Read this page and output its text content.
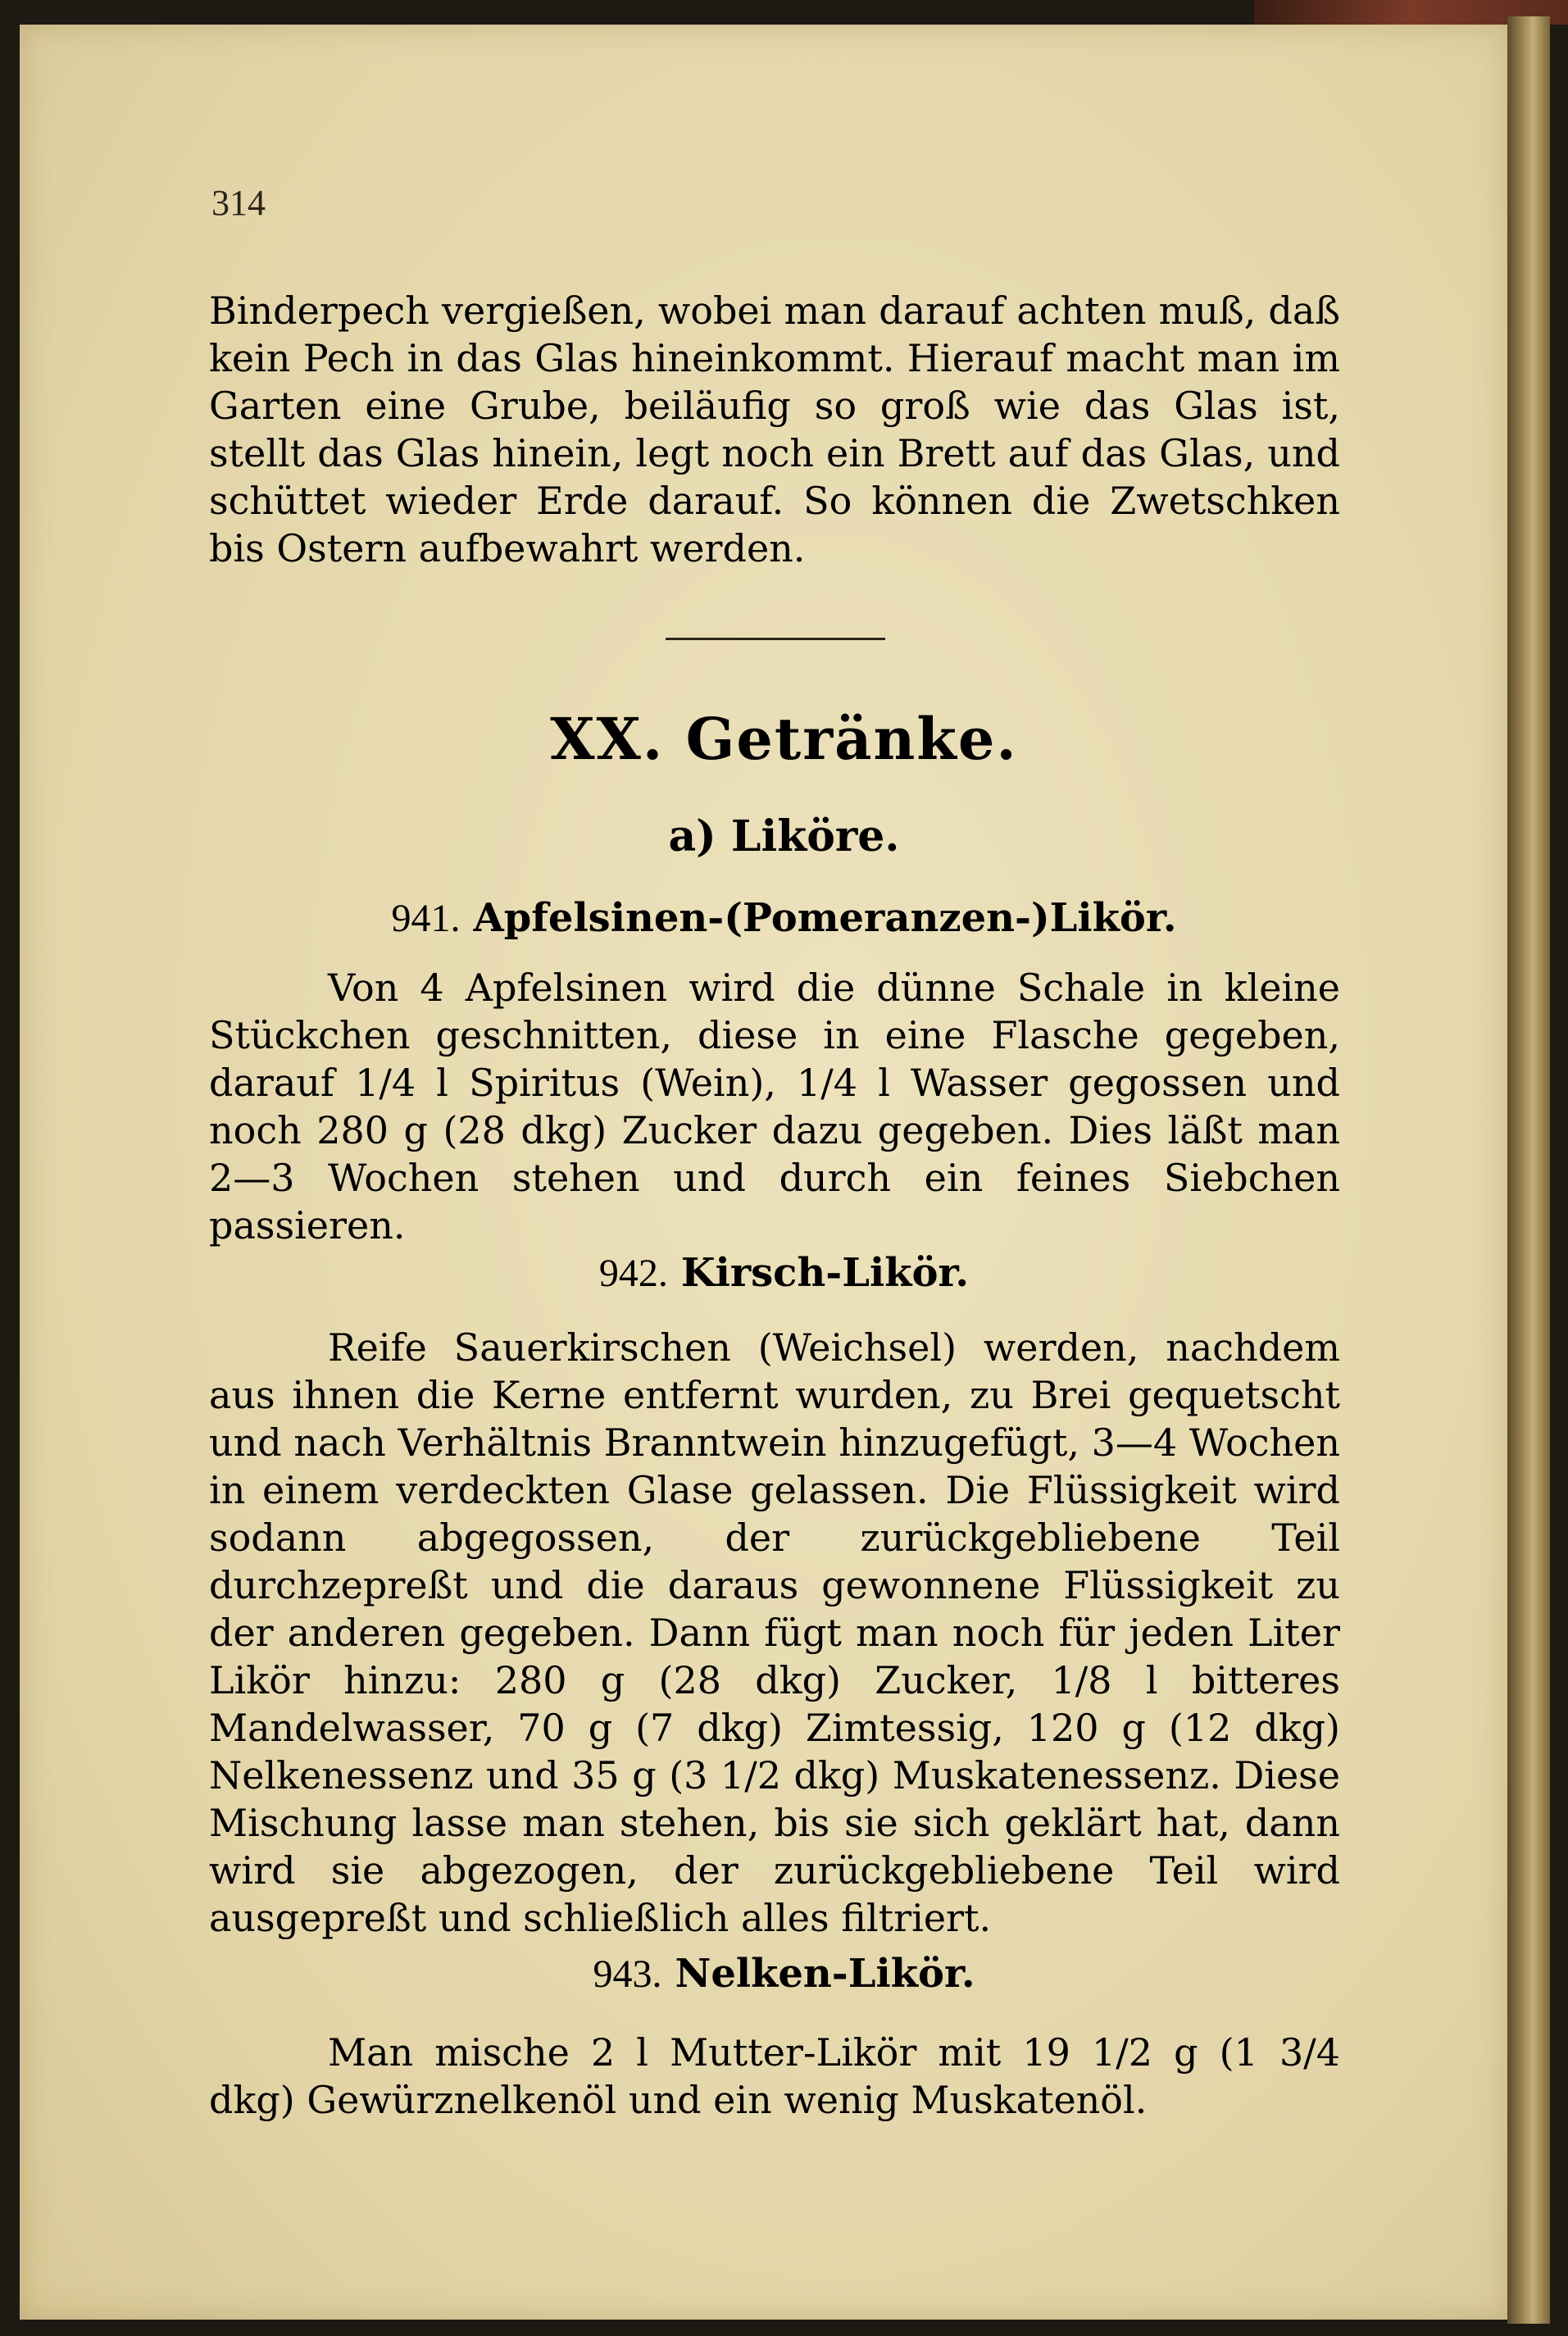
314
Binderpech vergießen, wobei man darauf achten muß, daß kein Pech in das Glas hineinkommt. Hierauf macht man im Garten eine Grube, beiläufig so groß wie das Glas ist, stellt das Glas hinein, legt noch ein Brett auf das Glas, und schüttet wieder Erde darauf. So können die Zwetschken bis Ostern aufbewahrt werden.
XX. Getränke.
a) Liköre.
941. Apfelsinen-(Pomeranzen-)Likör.
Von 4 Apfelsinen wird die dünne Schale in kleine Stückchen geschnitten, diese in eine Flasche gegeben, darauf 1/4 l Spiritus (Wein), 1/4 l Wasser gegossen und noch 280 g (28 dkg) Zucker dazu gegeben. Dies läßt man 2—3 Wochen stehen und durch ein feines Siebchen passieren.
942. Kirsch-Likör.
Reife Sauerkirschen (Weichsel) werden, nachdem aus ihnen die Kerne entfernt wurden, zu Brei gequetscht und nach Verhältnis Branntwein hinzugefügt, 3—4 Wochen in einem verdeckten Glase gelassen. Die Flüssigkeit wird sodann abgegossen, der zurückgebliebene Teil durchzepreßt und die daraus gewonnene Flüssigkeit zu der anderen gegeben. Dann fügt man noch für jeden Liter Likör hinzu: 280 g (28 dkg) Zucker, 1/8 l bitteres Mandelwasser, 70 g (7 dkg) Zimtessig, 120 g (12 dkg) Nelkenessenz und 35 g (3 1/2 dkg) Muskatenessenz. Diese Mischung lasse man stehen, bis sie sich geklärt hat, dann wird sie abgezogen, der zurückgebliebene Teil wird ausgepreßt und schließlich alles filtriert.
943. Nelken-Likör.
Man mische 2 l Mutter-Likör mit 19 1/2 g (1 3/4 dkg) Gewürznelkenöl und ein wenig Muskatenöl.
